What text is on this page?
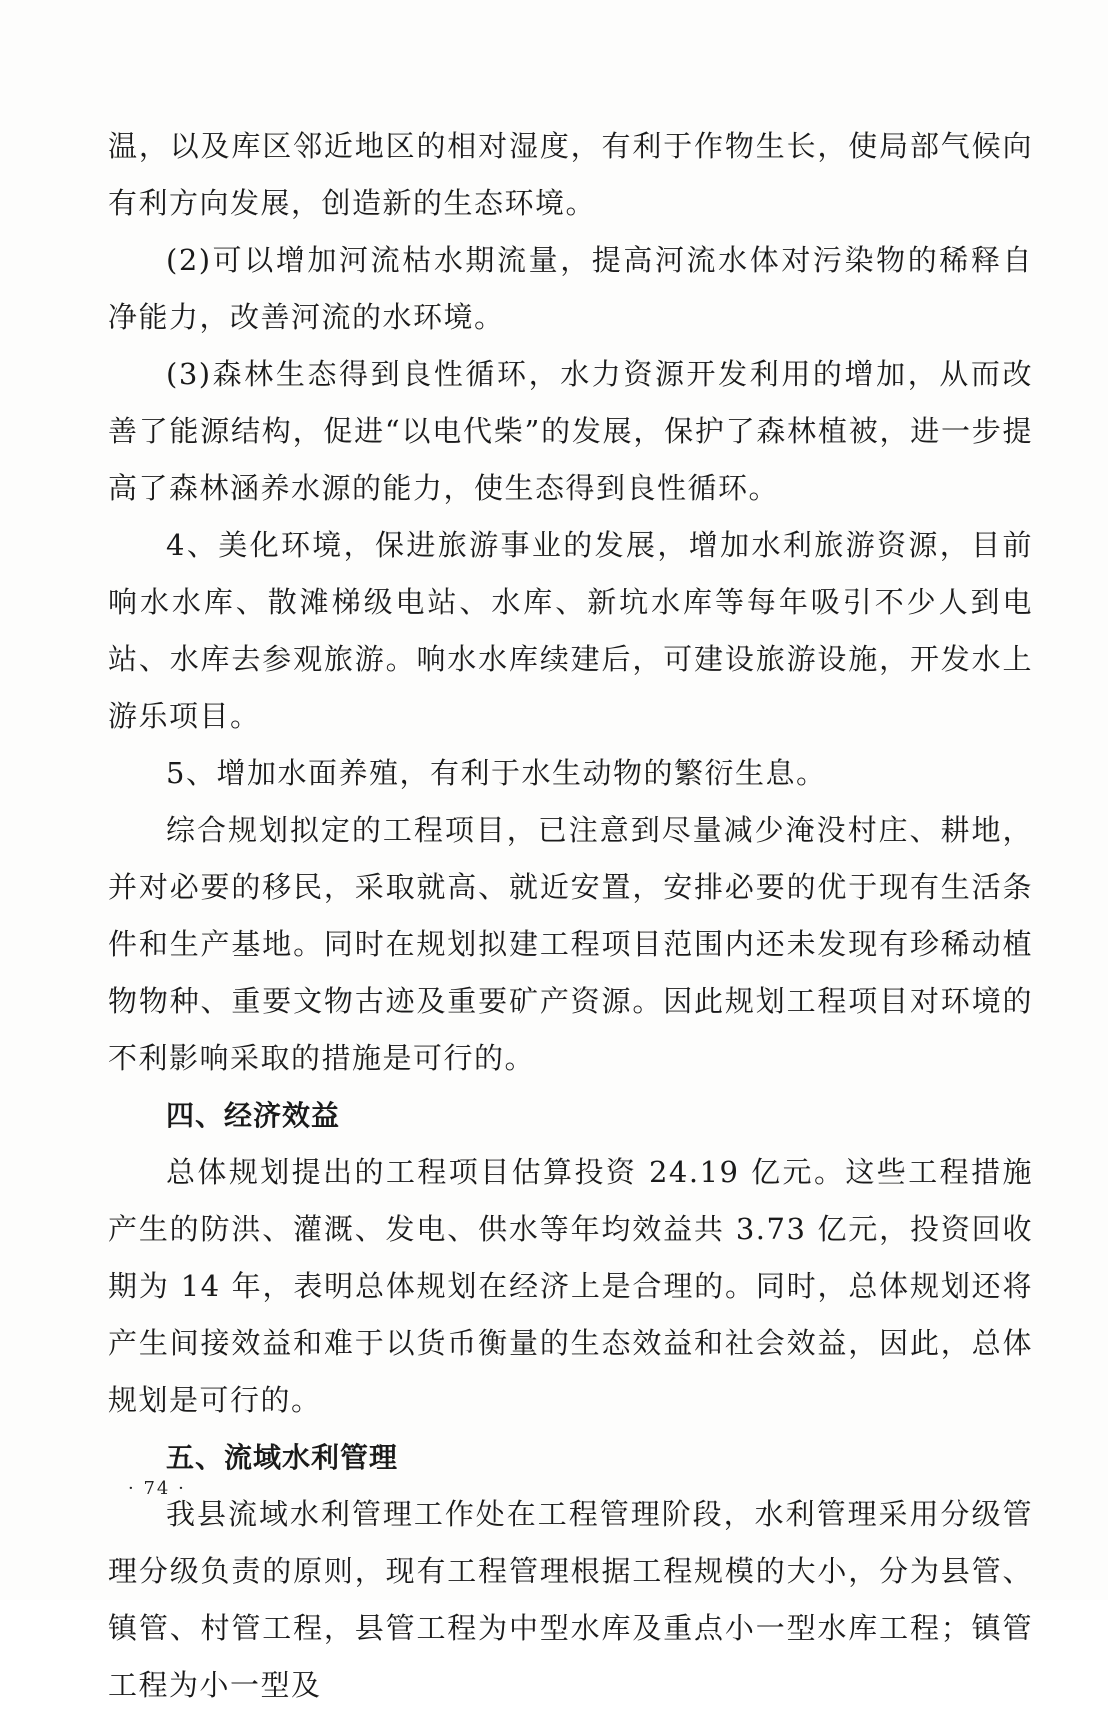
温，以及库区邻近地区的相对湿度，有利于作物生长，使局部气候向有利方向发展，创造新的生态环境。

(2)可以增加河流枯水期流量，提高河流水体对污染物的稀释自净能力，改善河流的水环境。

(3)森林生态得到良性循环，水力资源开发利用的增加，从而改善了能源结构，促进“以电代柴”的发展，保护了森林植被，进一步提高了森林涵养水源的能力，使生态得到良性循环。

4、美化环境，保进旅游事业的发展，增加水利旅游资源，目前响水水库、散滩梯级电站、水库、新坑水库等每年吸引不少人到电站、水库去参观旅游。响水水库续建后，可建设旅游设施，开发水上游乐项目。

5、增加水面养殖，有利于水生动物的繁衍生息。

综合规划拟定的工程项目，已注意到尽量减少淹没村庄、耕地，并对必要的移民，采取就高、就近安置，安排必要的优于现有生活条件和生产基地。同时在规划拟建工程项目范围内还未发现有珍稀动植物物种、重要文物古迹及重要矿产资源。因此规划工程项目对环境的不利影响采取的措施是可行的。

四、经济效益

总体规划提出的工程项目估算投资 24.19 亿元。这些工程措施产生的防洪、灌溉、发电、供水等年均效益共 3.73 亿元，投资回收期为 14 年，表明总体规划在经济上是合理的。同时，总体规划还将产生间接效益和难于以货币衡量的生态效益和社会效益，因此，总体规划是可行的。

五、流域水利管理

我县流域水利管理工作处在工程管理阶段，水利管理采用分级管理分级负责的原则，现有工程管理根据工程规模的大小，分为县管、镇管、村管工程，县管工程为中型水库及重点小一型水库工程；镇管工程为小一型及

· 74 ·
